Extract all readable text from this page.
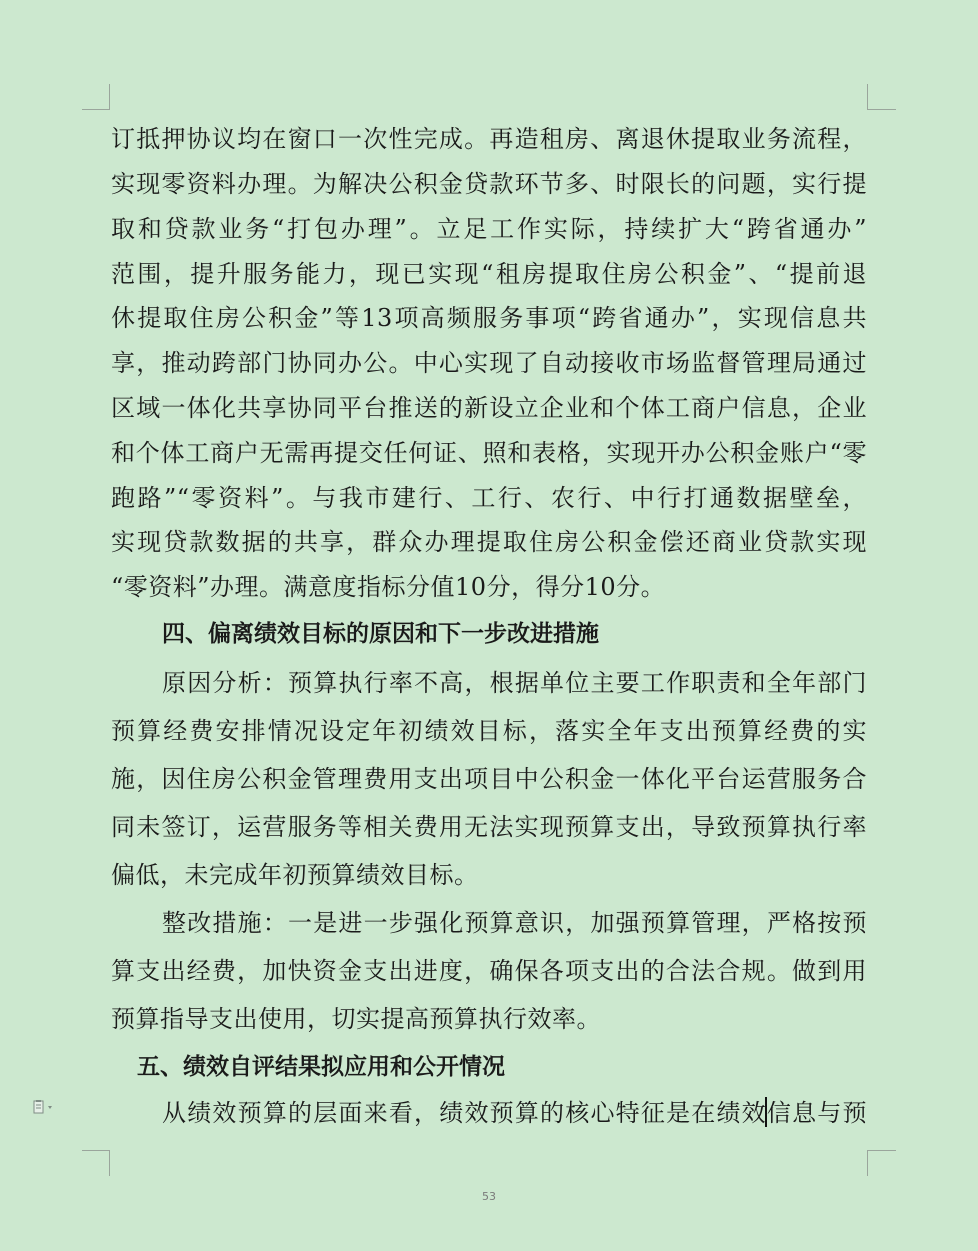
订抵押协议均在窗口一次性完成。再造租房、离退休提取业务流程，
实现零资料办理。为解决公积金贷款环节多、时限长的问题，实行提
取和贷款业务“打包办理”。立足工作实际，持续扩大“跨省通办”
范围，提升服务能力，现已实现“租房提取住房公积金”、“提前退
休提取住房公积金”等13项高频服务事项“跨省通办”，实现信息共
享，推动跨部门协同办公。中心实现了自动接收市场监督管理局通过
区域一体化共享协同平台推送的新设立企业和个体工商户信息，企业
和个体工商户无需再提交任何证、照和表格，实现开办公积金账户“零
跑路”“零资料”。与我市建行、工行、农行、中行打通数据壁垒，
实现贷款数据的共享，群众办理提取住房公积金偿还商业贷款实现
“零资料”办理。满意度指标分值10分，得分10分。
四、偏离绩效目标的原因和下一步改进措施
原因分析：预算执行率不高，根据单位主要工作职责和全年部门
预算经费安排情况设定年初绩效目标，落实全年支出预算经费的实
施，因住房公积金管理费用支出项目中公积金一体化平台运营服务合
同未签订，运营服务等相关费用无法实现预算支出，导致预算执行率
偏低，未完成年初预算绩效目标。
整改措施：一是进一步强化预算意识，加强预算管理，严格按预
算支出经费，加快资金支出进度，确保各项支出的合法合规。做到用
预算指导支出使用，切实提高预算执行效率。
五、绩效自评结果拟应用和公开情况
从绩效预算的层面来看，绩效预算的核心特征是在绩效信息与预
53
